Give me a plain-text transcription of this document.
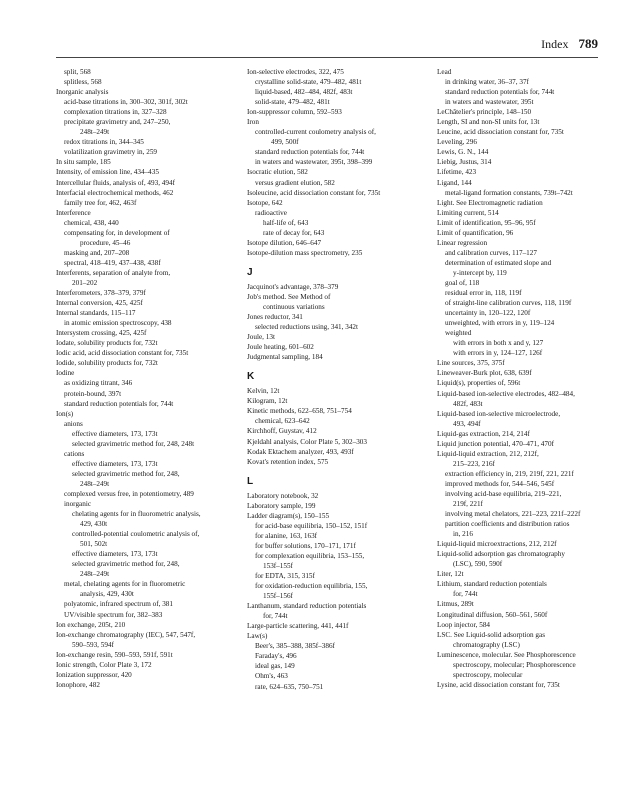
Index 789
split, 568
splitless, 568
Inorganic analysis
acid-base titrations in, 300–302, 301f, 302t
complexation titrations in, 327–328
precipitate gravimetry and, 247–250,
248t–249t
redox titrations in, 344–345
volatilization gravimetry in, 259
In situ sample, 185
Intensity, of emission line, 434–435
Intercellular fluids, analysis of, 493, 494f
Interfacial electrochemical methods, 462
family tree for, 462, 463f
Interference
chemical, 438, 440
compensating for, in development of
procedure, 45–46
masking and, 207–208
spectral, 418–419, 437–438, 438f
Interferents, separation of analyte from,
201–202
Interferometers, 378–379, 379f
Internal conversion, 425, 425f
Internal standards, 115–117
in atomic emission spectroscopy, 438
Intersystem crossing, 425, 425f
Iodate, solubility products for, 732t
Iodic acid, acid dissociation constant for, 735t
Iodide, solubility products for, 732t
Iodine
as oxidizing titrant, 346
protein-bound, 397t
standard reduction potentials for, 744t
Ion(s)
anions
effective diameters, 173, 173t
selected gravimetric method for, 248, 248t
cations
effective diameters, 173, 173t
selected gravimetric method for, 248,
248t–249t
complexed versus free, in potentiometry, 489
inorganic
chelating agents for in fluorometric analysis,
429, 430t
controlled-potential coulometric analysis of,
501, 502t
effective diameters, 173, 173t
selected gravimetric method for, 248,
248t–249t
metal, chelating agents for in fluorometric
analysis, 429, 430t
polyatomic, infrared spectrum of, 381
UV/visible spectrum for, 382–383
Ion exchange, 205t, 210
Ion-exchange chromatography (IEC), 547, 547f,
590–593, 594f
Ion-exchange resin, 590–593, 591f, 591t
Ionic strength, Color Plate 3, 172
Ionization suppressor, 420
Ionophore, 482
Ion-selective electrodes, 322, 475
crystalline solid-state, 479–482, 481t
liquid-based, 482–484, 482f, 483t
solid-state, 479–482, 481t
Ion-suppressor column, 592–593
Iron
controlled-current coulometry analysis of,
499, 500f
standard reduction potentials for, 744t
in waters and wastewater, 395t, 398–399
Isocratic elution, 582
versus gradient elution, 582
Isoleucine, acid dissociation constant for, 735t
Isotope, 642
radioactive
half-life of, 643
rate of decay for, 643
Isotope dilution, 646–647
Isotope-dilution mass spectrometry, 235
J
Jacquinot's advantage, 378–379
Job's method. See Method of
continuous variations
Jones reductor, 341
selected reductions using, 341, 342t
Joule, 13t
Joule heating, 601–602
Judgmental sampling, 184
K
Kelvin, 12t
Kilogram, 12t
Kinetic methods, 622–658, 751–754
chemical, 623–642
Kirchhoff, Guystav, 412
Kjeldahl analysis, Color Plate 5, 302–303
Kodak Ektachem analyzer, 493, 493f
Kovat's retention index, 575
L
Laboratory notebook, 32
Laboratory sample, 199
Ladder diagram(s), 150–155
for acid-base equilibria, 150–152, 151f
for alanine, 163, 163f
for buffer solutions, 170–171, 171f
for complexation equilibria, 153–155,
153f–155f
for EDTA, 315, 315f
for oxidation-reduction equilibria, 155,
155f–156f
Lanthanum, standard reduction potentials
for, 744t
Large-particle scattering, 441, 441f
Law(s)
Beer's, 385–388, 385f–386f
Faraday's, 496
ideal gas, 149
Ohm's, 463
rate, 624–635, 750–751
Lead
in drinking water, 36–37, 37f
standard reduction potentials for, 744t
in waters and wastewater, 395t
LeChâtelier's principle, 148–150
Length, SI and non-SI units for, 13t
Leucine, acid dissociation constant for, 735t
Leveling, 296
Lewis, G. N., 144
Liebig, Justus, 314
Lifetime, 423
Ligand, 144
metal-ligand formation constants, 739t–742t
Light. See Electromagnetic radiation
Limiting current, 514
Limit of identification, 95–96, 95f
Limit of quantification, 96
Linear regression
and calibration curves, 117–127
determination of estimated slope and
y-intercept by, 119
goal of, 118
residual error in, 118, 119f
of straight-line calibration curves, 118, 119f
uncertainty in, 120–122, 120f
unweighted, with errors in y, 119–124
weighted
with errors in both x and y, 127
with errors in y, 124–127, 126f
Line sources, 375, 375f
Lineweaver-Burk plot, 638, 639f
Liquid(s), properties of, 596t
Liquid-based ion-selective electrodes, 482–484,
482f, 483t
Liquid-based ion-selective microelectrode,
493, 494f
Liquid-gas extraction, 214, 214f
Liquid junction potential, 470–471, 470f
Liquid-liquid extraction, 212, 212f,
215–223, 216f
extraction efficiency in, 219, 219f, 221, 221f
improved methods for, 544–546, 545f
involving acid-base equilibria, 219–221,
219f, 221f
involving metal chelators, 221–223, 221f–222f
partition coefficients and distribution ratios
in, 216
Liquid-liquid microextractions, 212, 212f
Liquid-solid adsorption gas chromatography
(LSC), 590, 590f
Liter, 12t
Lithium, standard reduction potentials
for, 744t
Litmus, 289t
Longitudinal diffusion, 560–561, 560f
Loop injector, 584
LSC. See Liquid-solid adsorption gas
chromatography (LSC)
Luminescence, molecular. See Phosphorescence
spectroscopy, molecular; Phosphorescence
spectroscopy, molecular
Lysine, acid dissociation constant for, 735t
